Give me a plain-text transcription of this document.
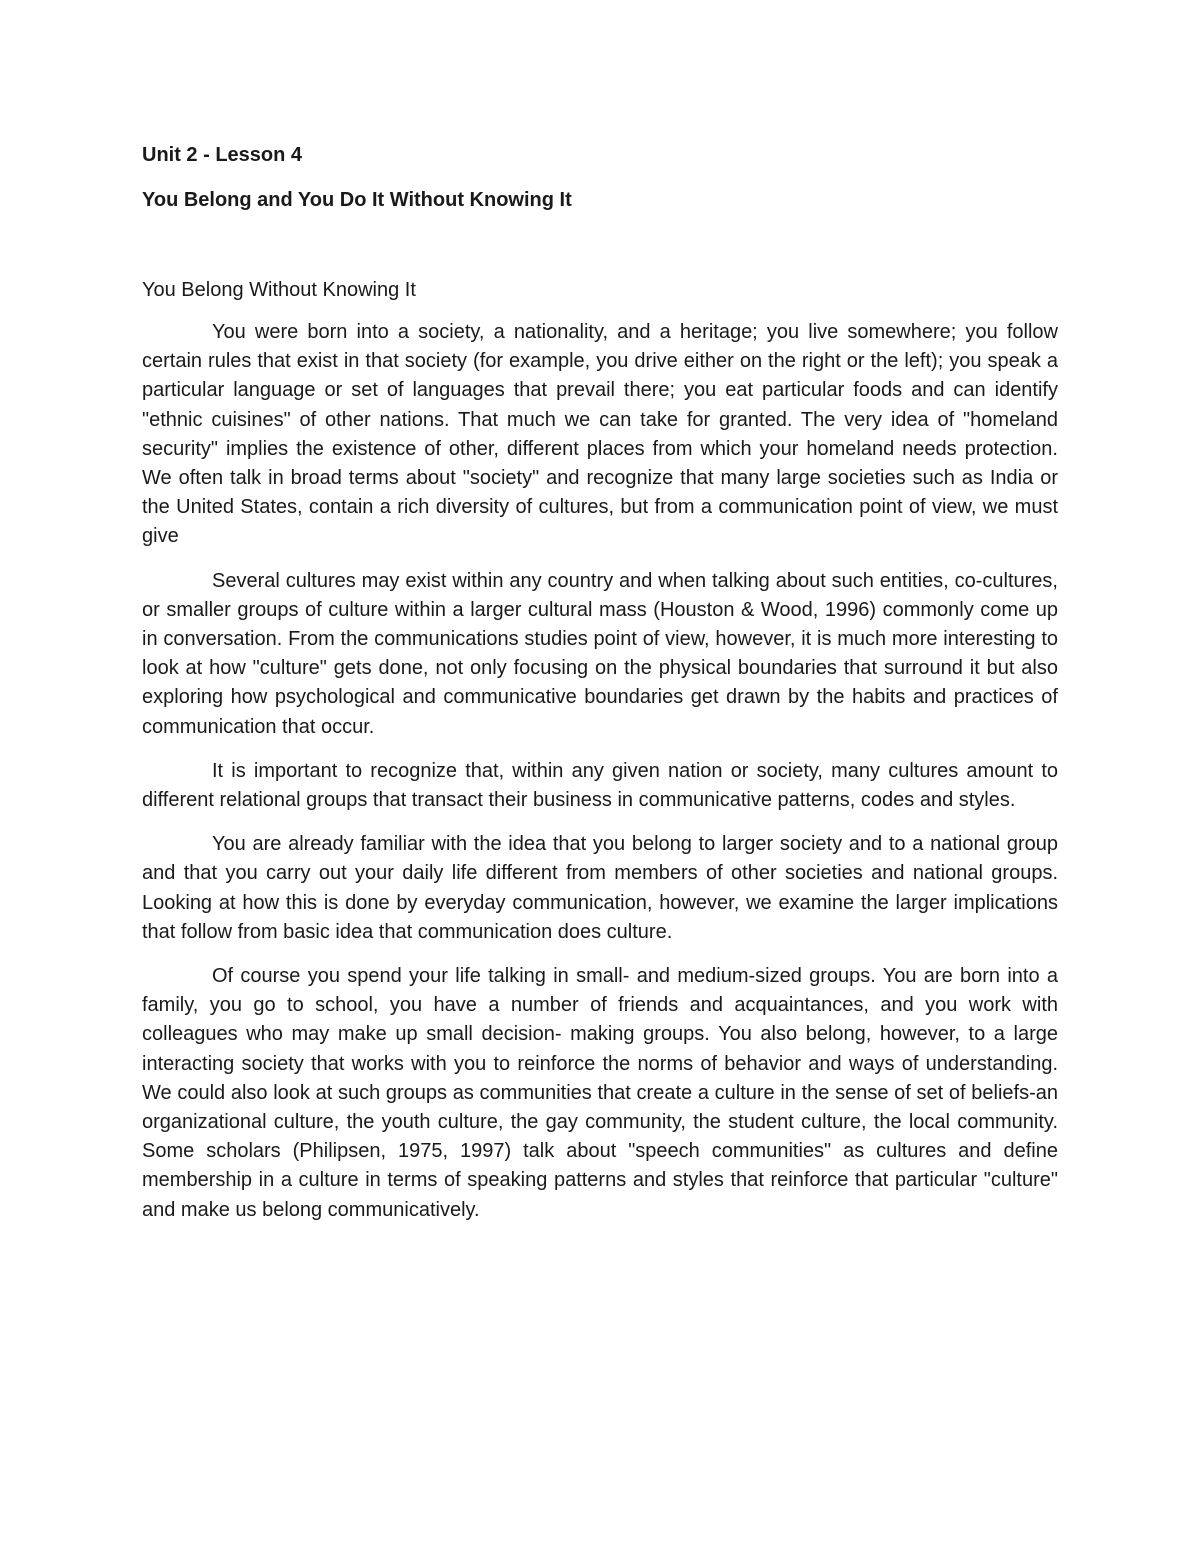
Unit 2 - Lesson 4
You Belong and You Do It Without Knowing It
You Belong Without Knowing It

You were born into a society, a nationality, and a heritage; you live somewhere; you follow certain rules that exist in that society (for example, you drive either on the right or the left); you speak a particular language or set of languages that prevail there; you eat particular foods and can identify "ethnic cuisines" of other nations. That much we can take for granted. The very idea of "homeland security" implies the existence of other, different places from which your homeland needs protection. We often talk in broad terms about "society" and recognize that many large societies such as India or the United States, contain a rich diversity of cultures, but from a communication point of view, we must give

Several cultures may exist within any country and when talking about such entities, co-cultures, or smaller groups of culture within a larger cultural mass (Houston & Wood, 1996) commonly come up in conversation. From the communications studies point of view, however, it is much more interesting to look at how "culture" gets done, not only focusing on the physical boundaries that surround it but also exploring how psychological and communicative boundaries get drawn by the habits and practices of communication that occur.

It is important to recognize that, within any given nation or society, many cultures amount to different relational groups that transact their business in communicative patterns, codes and styles.

You are already familiar with the idea that you belong to larger society and to a national group and that you carry out your daily life different from members of other societies and national groups. Looking at how this is done by everyday communication, however, we examine the larger implications that follow from basic idea that communication does culture.

Of course you spend your life talking in small- and medium-sized groups. You are born into a family, you go to school, you have a number of friends and acquaintances, and you work with colleagues who may make up small decision- making groups. You also belong, however, to a large interacting society that works with you to reinforce the norms of behavior and ways of understanding. We could also look at such groups as communities that create a culture in the sense of set of beliefs-an organizational culture, the youth culture, the gay community, the student culture, the local community. Some scholars (Philipsen, 1975, 1997) talk about "speech communities" as cultures and define membership in a culture in terms of speaking patterns and styles that reinforce that particular "culture" and make us belong communicatively.
